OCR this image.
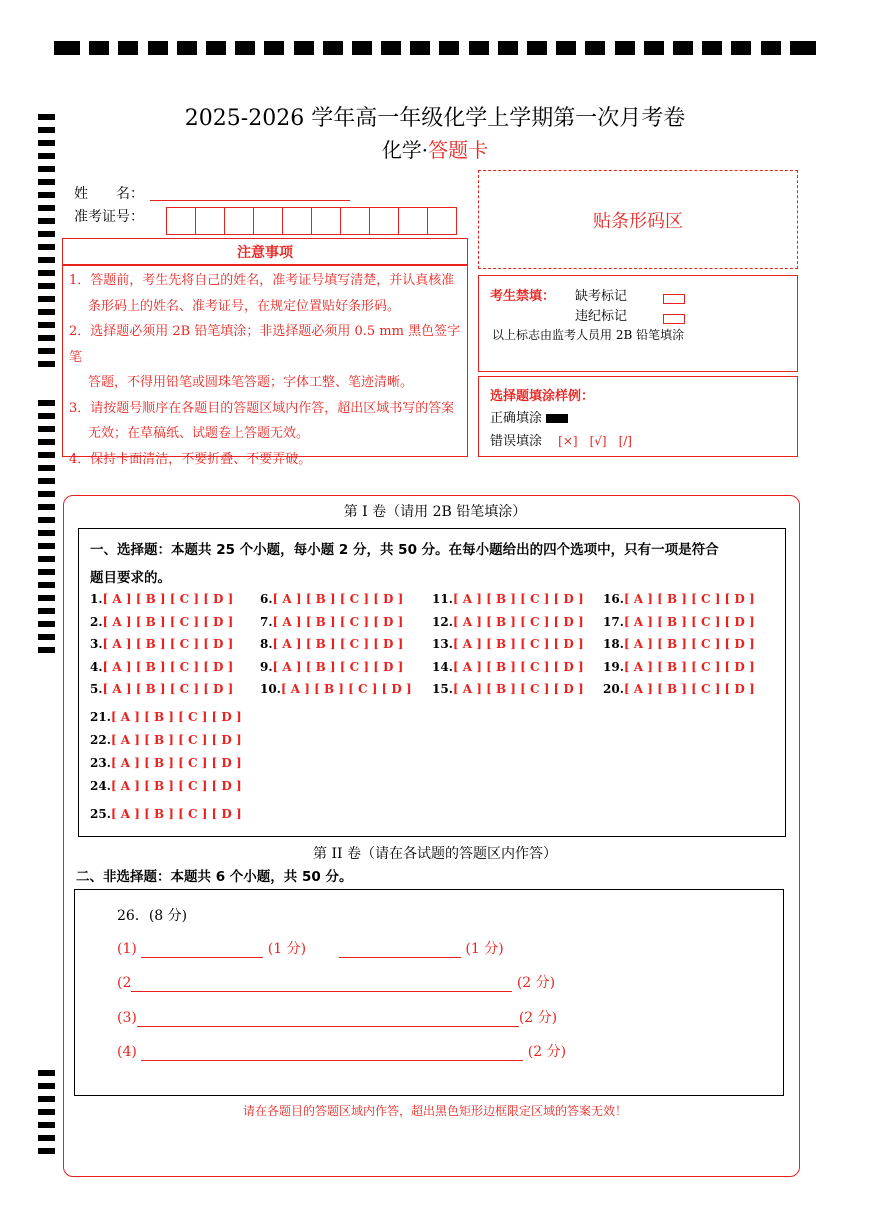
2025-2026 学年高一年级化学上学期第一次月考卷
化学·答题卡
姓　　名：
准考证号：	贴条形码区
注意事项
1．答题前，考生先将自己的姓名，准考证号填写清楚，并认真核准
条形码上的姓名、准考证号，在规定位置贴好条形码。
2．选择题必须用 2B 铅笔填涂；非选择题必须用 0.5 mm 黑色签字笔
答题，不得用铅笔或圆珠笔答题；字体工整、笔迹清晰。
3．请按题号顺序在各题目的答题区域内作答，超出区域书写的答案
无效；在草稿纸、试题卷上答题无效。
4．保持卡面清洁，不要折叠、不要弄破。
考生禁填： 缺考标记
违纪标记
以上标志由监考人员用 2B 铅笔填涂
选择题填涂样例：
正确填涂
错误填涂 [×]　[√]　[/]
第 I 卷（请用 2B 铅笔填涂）
一、选择题：本题共 25 个小题，每小题 2 分，共 50 分。在每小题给出的四个选项中，只有一项是符合
题目要求的。
1.[ A ] [ B ] [ C ] [ D ]
2.[ A ] [ B ] [ C ] [ D ]
3.[ A ] [ B ] [ C ] [ D ]
4.[ A ] [ B ] [ C ] [ D ]
5.[ A ] [ B ] [ C ] [ D ]
6.[ A ] [ B ] [ C ] [ D ]
7.[ A ] [ B ] [ C ] [ D ]
8.[ A ] [ B ] [ C ] [ D ]
9.[ A ] [ B ] [ C ] [ D ]
10.[ A ] [ B ] [ C ] [ D ]
11.[ A ] [ B ] [ C ] [ D ]
12.[ A ] [ B ] [ C ] [ D ]
13.[ A ] [ B ] [ C ] [ D ]
14.[ A ] [ B ] [ C ] [ D ]
15.[ A ] [ B ] [ C ] [ D ]
16.[ A ] [ B ] [ C ] [ D ]
17.[ A ] [ B ] [ C ] [ D ]
18.[ A ] [ B ] [ C ] [ D ]
19.[ A ] [ B ] [ C ] [ D ]
20.[ A ] [ B ] [ C ] [ D ]
21.[ A ] [ B ] [ C ] [ D ]
22.[ A ] [ B ] [ C ] [ D ]
23.[ A ] [ B ] [ C ] [ D ]
24.[ A ] [ B ] [ C ] [ D ]
25.[ A ] [ B ] [ C ] [ D ]
第 II 卷（请在各试题的答题区内作答）
二、非选择题：本题共 6 个小题，共 50 分。
26．(8 分)
(1)	(1 分)	(1 分)
(2	(2 分)
(3)	(2 分)
(4)	(2 分)
请在各题目的答题区域内作答，超出黑色矩形边框限定区域的答案无效！
